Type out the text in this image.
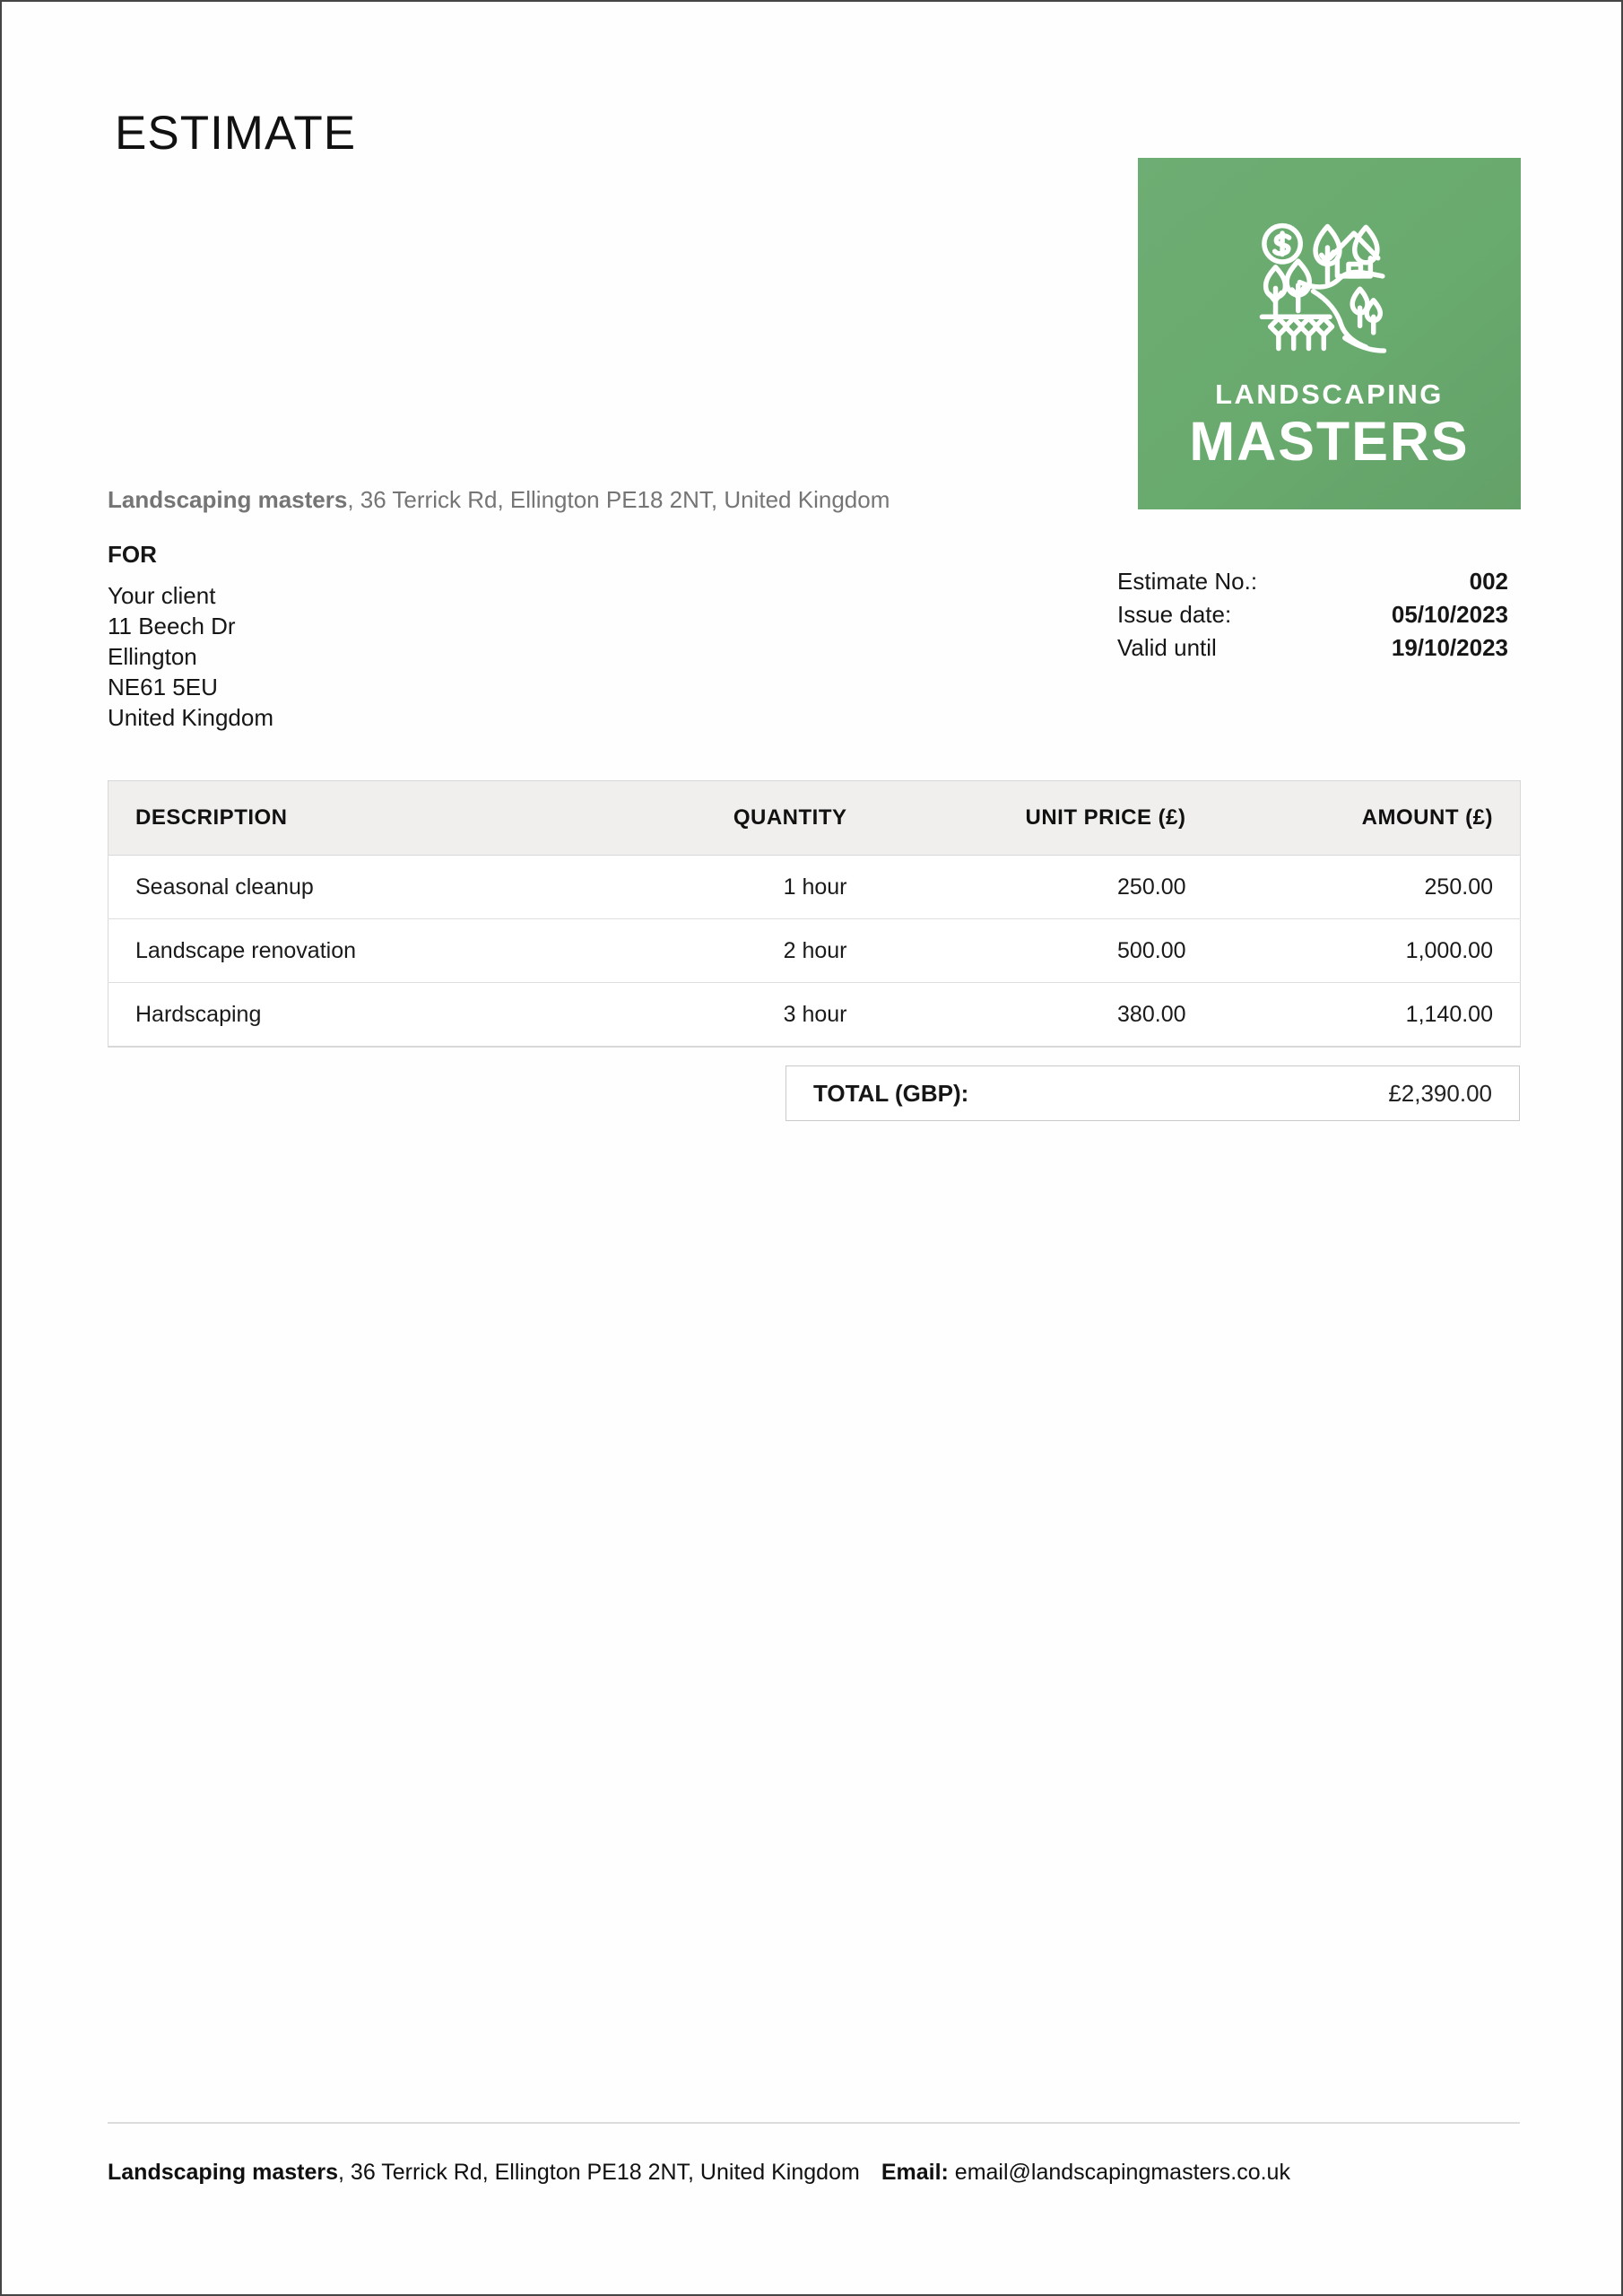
ESTIMATE
LANDSCAPING
MASTERS
Landscaping masters, 36 Terrick Rd, Ellington PE18 2NT, United Kingdom
FOR
Your client
11 Beech Dr
Ellington
NE61 5EU
United Kingdom
Estimate No.:	002
Issue date:	05/10/2023
Valid until	19/10/2023
DESCRIPTION	QUANTITY	UNIT PRICE (£)	AMOUNT (£)
Seasonal cleanup	1 hour	250.00	250.00
Landscape renovation	2 hour	500.00	1,000.00
Hardscaping	3 hour	380.00	1,140.00
TOTAL (GBP):	£2,390.00
Landscaping masters, 36 Terrick Rd, Ellington PE18 2NT, United Kingdom Email: email@landscapingmasters.co.uk
